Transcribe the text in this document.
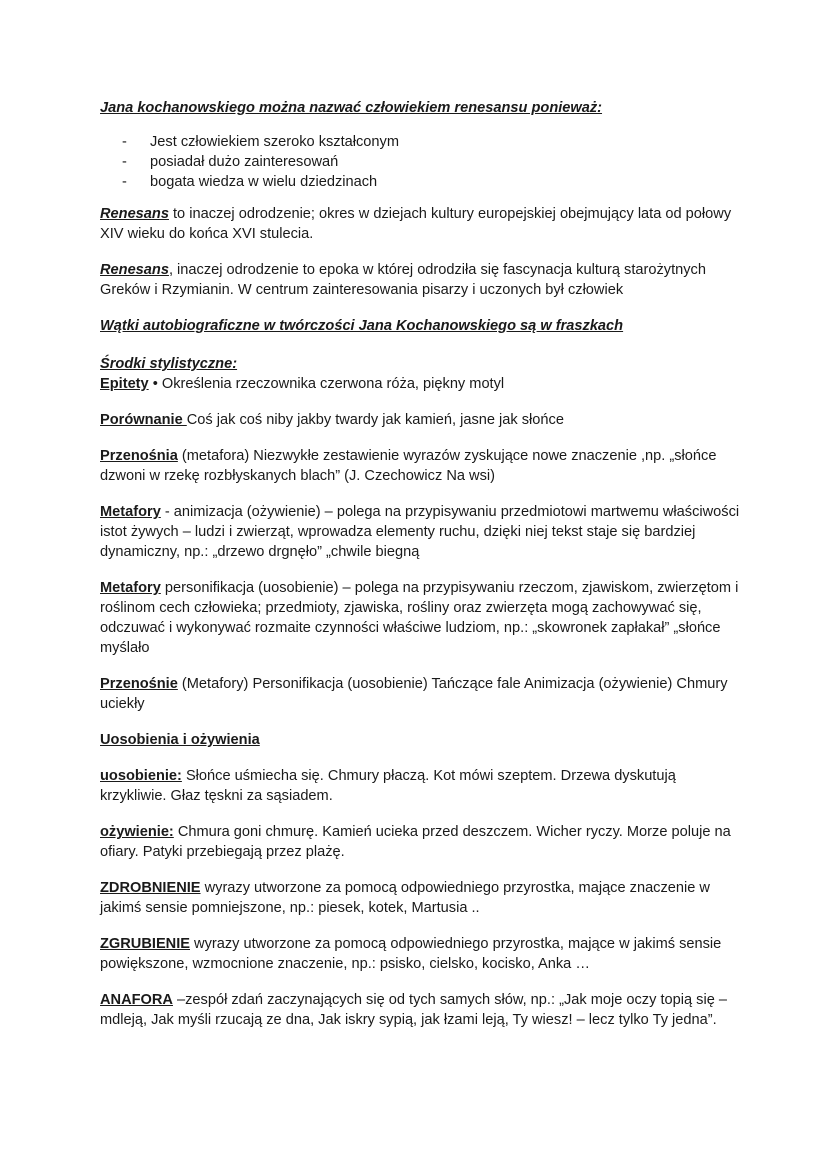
Jana kochanowskiego można nazwać człowiekiem renesansu ponieważ:

- Jest człowiekiem szeroko kształconym
- posiadał dużo zainteresowań
- bogata wiedza w wielu dziedzinach

Renesans to inaczej odrodzenie; okres w dziejach kultury europejskiej obejmujący lata od połowy XIV wieku do końca XVI stulecia.

Renesans, inaczej odrodzenie to epoka w której odrodziła się fascynacja kulturą starożytnych Greków i Rzymianin. W centrum zainteresowania pisarzy i uczonych był człowiek

Wątki autobiograficzne w twórczości Jana Kochanowskiego są w fraszkach

Środki stylistyczne:

Epitety • Określenia rzeczownika czerwona róża, piękny motyl

Porównanie Coś jak coś niby jakby twardy jak kamień, jasne jak słońce

Przenośnia (metafora) Niezwykłe zestawienie wyrazów zyskujące nowe znaczenie ,np. „słońce dzwoni w rzekę rozbłyskanych blach” (J. Czechowicz Na wsi)

Metafory - animizacja (ożywienie) – polega na przypisywaniu przedmiotowi martwemu właściwości istot żywych – ludzi i zwierząt, wprowadza elementy ruchu, dzięki niej tekst staje się bardziej dynamiczny, np.: „drzewo drgnęło” „chwile biegną

Metafory personifikacja (uosobienie) – polega na przypisywaniu rzeczom, zjawiskom, zwierzętom i roślinom cech człowieka; przedmioty, zjawiska, rośliny oraz zwierzęta mogą zachowywać się, odczuwać i wykonywać rozmaite czynności właściwe ludziom, np.: „skowronek zapłakał” „słońce myślało

Przenośnie (Metafory) Personifikacja (uosobienie) Tańczące fale Animizacja (ożywienie) Chmury uciekły

Uosobienia i ożywienia

uosobienie: Słońce uśmiecha się. Chmury płaczą. Kot mówi szeptem. Drzewa dyskutują krzykliwie. Głaz tęskni za sąsiadem.

ożywienie: Chmura goni chmurę. Kamień ucieka przed deszczem. Wicher ryczy. Morze poluje na ofiary. Patyki przebiegają przez plażę.

ZDROBNIENIE wyrazy utworzone za pomocą odpowiedniego przyrostka, mające znaczenie w jakimś sensie pomniejszone, np.: piesek, kotek, Martusia ..

ZGRUBIENIE wyrazy utworzone za pomocą odpowiedniego przyrostka, mające w jakimś sensie powiększone, wzmocnione znaczenie, np.: psisko, cielsko, kocisko, Anka …

ANAFORA –zespół zdań zaczynających się od tych samych słów, np.: „Jak moje oczy topią się – mdleją, Jak myśli rzucają ze dna, Jak iskry sypią, jak łzami leją, Ty wiesz! – lecz tylko Ty jedna”.
